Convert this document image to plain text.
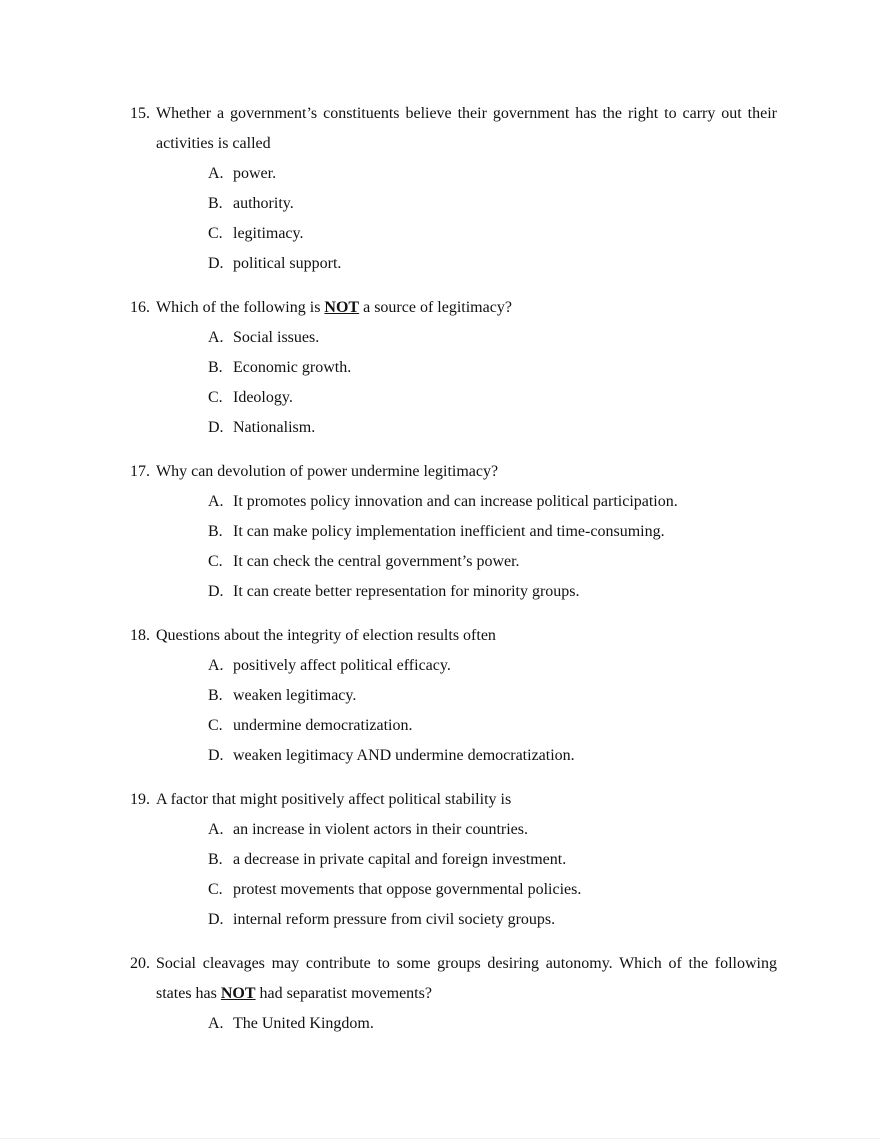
15. Whether a government’s constituents believe their government has the right to carry out their activities is called
A. power.
B. authority.
C. legitimacy.
D. political support.
16. Which of the following is NOT a source of legitimacy?
A. Social issues.
B. Economic growth.
C. Ideology.
D. Nationalism.
17. Why can devolution of power undermine legitimacy?
A. It promotes policy innovation and can increase political participation.
B. It can make policy implementation inefficient and time-consuming.
C. It can check the central government’s power.
D. It can create better representation for minority groups.
18. Questions about the integrity of election results often
A. positively affect political efficacy.
B. weaken legitimacy.
C. undermine democratization.
D. weaken legitimacy AND undermine democratization.
19. A factor that might positively affect political stability is
A. an increase in violent actors in their countries.
B. a decrease in private capital and foreign investment.
C. protest movements that oppose governmental policies.
D. internal reform pressure from civil society groups.
20. Social cleavages may contribute to some groups desiring autonomy. Which of the following states has NOT had separatist movements?
A. The United Kingdom.
